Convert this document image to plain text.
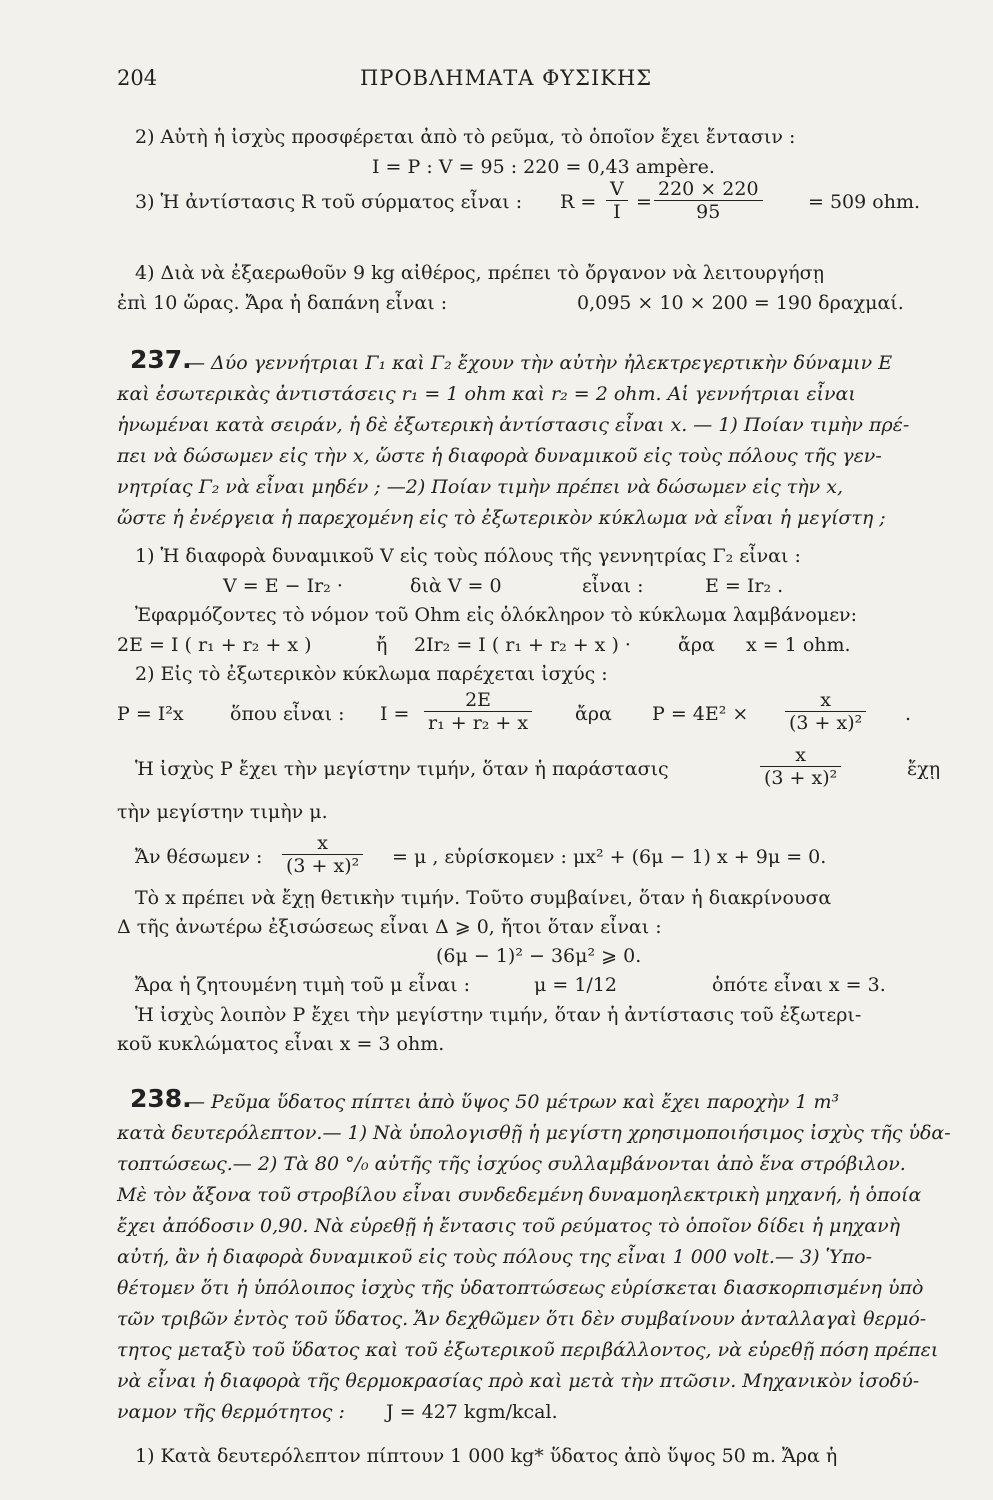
204	ΠΡΟΒΛΗΜΑΤΑ ΦΥΣΙΚΗΣ
2) Αὐτὴ ἡ ἰσχὺς προσφέρεται ἀπὸ τὸ ρεῦμα, τὸ ὁποῖον ἔχει ἔντασιν :
I = P : V = 95 : 220 = 0,43 ampère.
3) Ἡ ἀντίστασις R τοῦ σύρματος εἶναι : $R = \frac{V}{I} = \frac{220 \times 220}{95} = 509$ ohm.
4) Διὰ νὰ ἐξαερωθοῦν 9 kg αἰθέρος, πρέπει τὸ ὄργανον νὰ λειτουργήσῃ
ἐπὶ 10 ὥρας. Ἄρα ἡ δαπάνη εἶναι :	0,095 × 10 × 200 = 190 δραχμαί.
237.
— Δύο γεννήτριαι Γ₁ καὶ Γ₂ ἔχουν τὴν αὐτὴν ἠλεκτρεγερτικὴν δύναμιν E
καὶ ἐσωτερικὰς ἀντιστάσεις r₁ = 1 ohm καὶ r₂ = 2 ohm. Αἱ γεννήτριαι εἶναι
ἡνωμέναι κατὰ σειράν, ἡ δὲ ἐξωτερικὴ ἀντίστασις εἶναι x. — 1) Ποίαν τιμὴν πρέ-
πει νὰ δώσωμεν εἰς τὴν x, ὥστε ἡ διαφορὰ δυναμικοῦ εἰς τοὺς πόλους τῆς γεν-
νητρίας Γ₂ νὰ εἶναι μηδέν ; —2) Ποίαν τιμὴν πρέπει νὰ δώσωμεν εἰς τὴν x,
ὥστε ἡ ἐνέργεια ἡ παρεχομένη εἰς τὸ ἐξωτερικὸν κύκλωμα νὰ εἶναι ἡ μεγίστη ;
1) Ἡ διαφορὰ δυναμικοῦ V εἰς τοὺς πόλους τῆς γεννητρίας Γ₂ εἶναι :
V = E − Ir₂ ·	διὰ V = 0	εἶναι :	E = Ir₂ .
Ἐφαρμόζοντες τὸ νόμον τοῦ Ohm εἰς ὁλόκληρον τὸ κύκλωμα λαμβάνομεν:
2E = I ( r₁ + r₂ + x )	ἤ 2Ir₂ = I ( r₁ + r₂ + x ) · ἄρα x = 1 ohm.
2) Εἰς τὸ ἐξωτερικὸν κύκλωμα παρέχεται ἰσχύς :
P = I²x ὅπου εἶναι : $I = \frac{2E}{\text{r₁ + r₂ + x}}$ ἄρα $P = 4E^2 \times \frac{x}{\text{(3 + x)²}}$ .
Ἡ ἰσχὺς P ἔχει τὴν μεγίστην τιμήν, ὅταν ἡ παράστασις	$\frac{x}{\text{(3 + x)²}}$	ἔχῃ
τὴν μεγίστην τιμὴν μ.
Ἄν θέσωμεν : $\frac{x}{\text{(3 + x)²}} = \mu$ , εὑρίσκομεν : μx² + (6μ − 1) x + 9μ = 0.
Τὸ x πρέπει νὰ ἔχῃ θετικὴν τιμήν. Τοῦτο συμβαίνει, ὅταν ἡ διακρίνουσα
Δ τῆς ἀνωτέρω ἐξισώσεως εἶναι Δ ⩾ 0, ἤτοι ὅταν εἶναι :
(6μ − 1)² − 36μ² ⩾ 0.
Ἄρα ἡ ζητουμένη τιμὴ τοῦ μ εἶναι :	μ = 1/12	ὁπότε εἶναι x = 3.
Ἡ ἰσχὺς λοιπὸν P ἔχει τὴν μεγίστην τιμήν, ὅταν ἡ ἀντίστασις τοῦ ἐξωτερι-
κοῦ κυκλώματος εἶναι x = 3 ohm.
238.
— Ρεῦμα ὕδατος πίπτει ἀπὸ ὕψος 50 μέτρων καὶ ἔχει παροχὴν 1 m³
κατὰ δευτερόλεπτον.— 1) Νὰ ὑπολογισθῇ ἡ μεγίστη χρησιμοποιήσιμος ἰσχὺς τῆς ὑδα-
τοπτώσεως.— 2) Τὰ 80 °/₀ αὐτῆς τῆς ἰσχύος συλλαμβάνονται ἀπὸ ἕνα στρόβιλον.
Μὲ τὸν ἄξονα τοῦ στροβίλου εἶναι συνδεδεμένη δυναμοηλεκτρικὴ μηχανή, ἡ ὁποία
ἔχει ἀπόδοσιν 0,90. Νὰ εὑρεθῇ ἡ ἔντασις τοῦ ρεύματος τὸ ὁποῖον δίδει ἡ μηχανὴ
αὐτή, ἂν ἡ διαφορὰ δυναμικοῦ εἰς τοὺς πόλους της εἶναι 1 000 volt.— 3) Ὑπο-
θέτομεν ὅτι ἡ ὑπόλοιπος ἰσχὺς τῆς ὑδατοπτώσεως εὑρίσκεται διασκορπισμένη ὑπὸ
τῶν τριβῶν ἐντὸς τοῦ ὕδατος. Ἄν δεχθῶμεν ὅτι δὲν συμβαίνουν ἀνταλλαγαὶ θερμό-
τητος μεταξὺ τοῦ ὕδατος καὶ τοῦ ἐξωτερικοῦ περιβάλλοντος, νὰ εὑρεθῇ πόση πρέπει
νὰ εἶναι ἡ διαφορὰ τῆς θερμοκρασίας πρὸ καὶ μετὰ τὴν πτῶσιν. Μηχανικὸν ἰσοδύ-
ναμον τῆς θερμότητος : J = 427 kgm/kcal.
1) Κατὰ δευτερόλεπτον πίπτουν 1 000 kg* ὕδατος ἀπὸ ὕψος 50 m. Ἄρα ἡ
